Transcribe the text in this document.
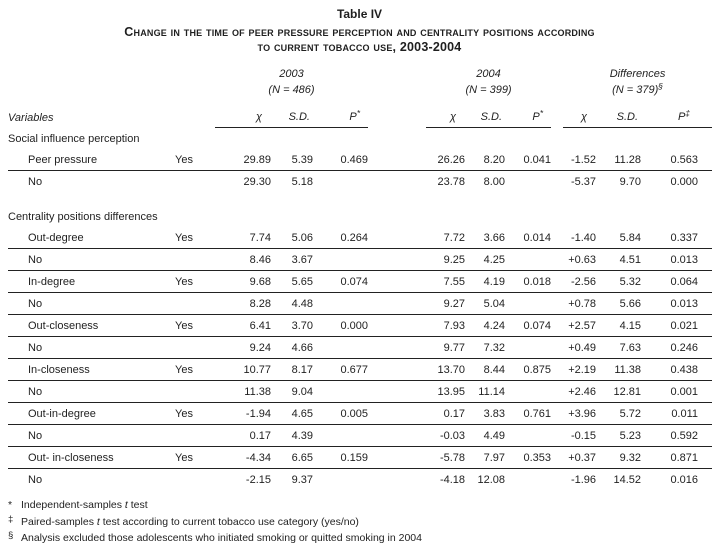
Table IV
Change in the time of peer pressure perception and centrality positions according
to current tobacco use, 2003-2004
		2003				2004				Differences			
		(N = 486)				(N = 399)				(N = 379)§
Variables		χ	S.D.	P*		χ	S.D.	P*		χ	S.D.	P‡	
Social influence perception													
Peer pressure	Yes	29.89	5.39	0.469		26.26	8.20	0.041		-1.52	11.28	0.563	
No		29.30	5.18			23.78	8.00			-5.37	9.70	0.000	

Centrality positions differences													
Out-degree	Yes	7.74	5.06	0.264		7.72	3.66	0.014		-1.40	5.84	0.337	
No		8.46	3.67			9.25	4.25			+0.63	4.51	0.013	
In-degree	Yes	9.68	5.65	0.074		7.55	4.19	0.018		-2.56	5.32	0.064	
No		8.28	4.48			9.27	5.04			+0.78	5.66	0.013	
Out-closeness	Yes	6.41	3.70	0.000		7.93	4.24	0.074		+2.57	4.15	0.021	
No		9.24	4.66			9.77	7.32			+0.49	7.63	0.246	
In-closeness	Yes	10.77	8.17	0.677		13.70	8.44	0.875		+2.19	11.38	0.438	
No		11.38	9.04			13.95	11.14			+2.46	12.81	0.001	
Out-in-degree	Yes	-1.94	4.65	0.005		0.17	3.83	0.761		+3.96	5.72	0.011	
No		0.17	4.39			-0.03	4.49			-0.15	5.23	0.592	
Out- in-closeness	Yes	-4.34	6.65	0.159		-5.78	7.97	0.353		+0.37	9.32	0.871	
No		-2.15	9.37			-4.18	12.08			-1.96	14.52	0.016	
* Independent-samples t test
‡ Paired-samples t test according to current tobacco use category (yes/no)
§ Analysis excluded those adolescents who initiated smoking or quitted smoking in 2004
